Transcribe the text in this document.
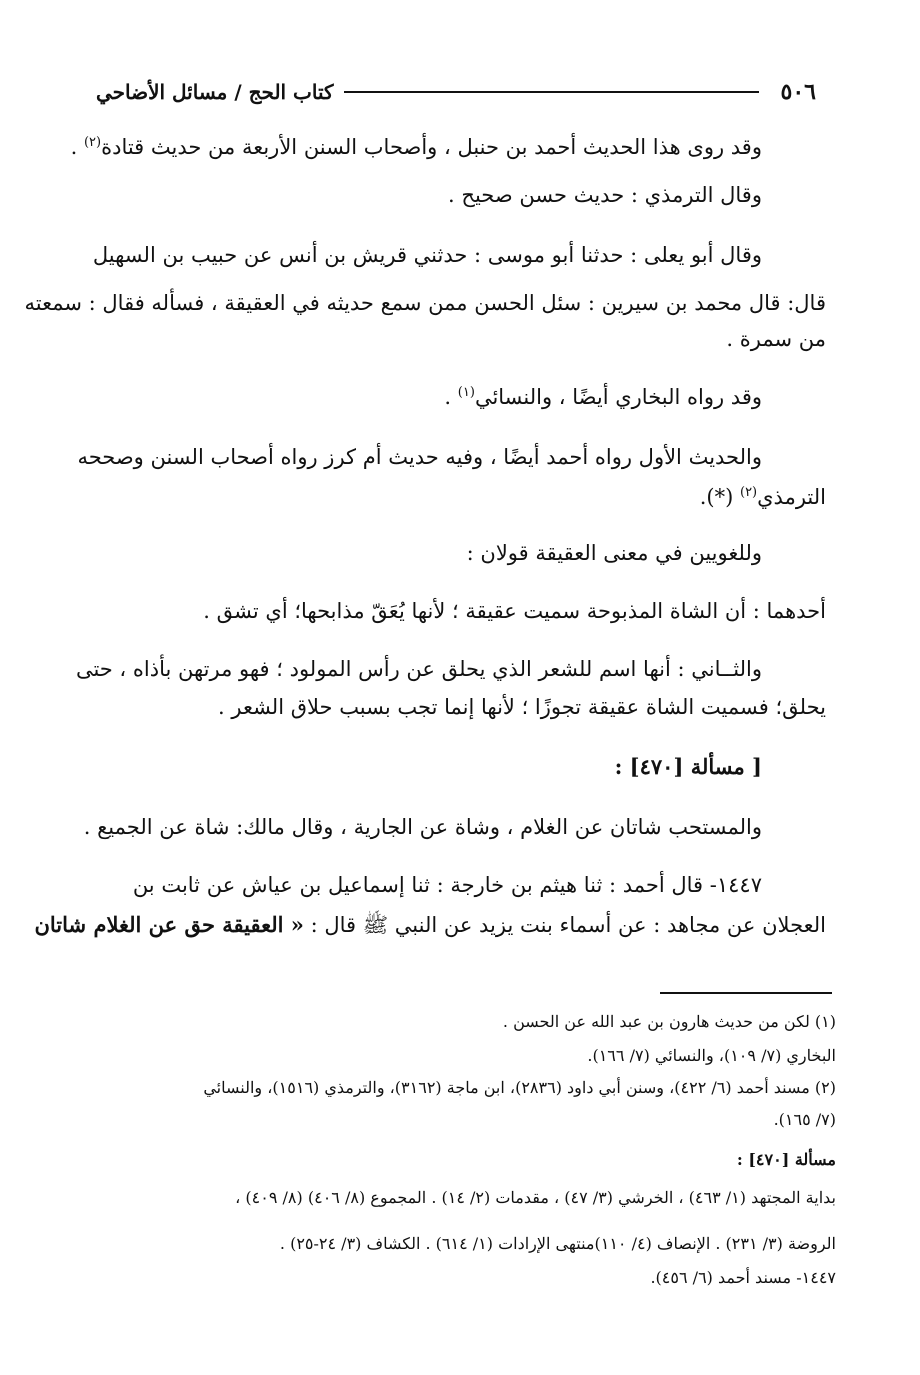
٥٠٦
كتاب الحج / مسائل الأضاحي
وقد روى هذا الحديث أحمد بن حنبل ، وأصحاب السنن الأربعة من حديث قتادة$^{(٢)}$ .
وقال الترمذي : حديث حسن صحيح .
وقال أبو يعلى : حدثنا أبو موسى : حدثني قريش بن أنس عن حبيب بن السهيل
قال: قال محمد بن سيرين : سئل الحسن ممن سمع حديثه في العقيقة ، فسأله فقال : سمعته
من سمرة .
وقد رواه البخاري أيضًا ، والنسائي$^{(١)}$ .
والحديث الأول رواه أحمد أيضًا ، وفيه حديث أم كرز رواه أصحاب السنن وصححه
الترمذي$^{(٢)}$ (*).
وللغويين في معنى العقيقة قولان :
أحدهما : أن الشاة المذبوحة سميت عقيقة ؛ لأنها يُعَقّ مذابحها؛ أي تشق .
والثــاني : أنها اسم للشعر الذي يحلق عن رأس المولود ؛ فهو مرتهن بأذاه ، حتى
يحلق؛ فسميت الشاة عقيقة تجوزًا ؛ لأنها إنما تجب بسبب حلاق الشعر .
[ مسألة [٤٧٠] :
والمستحب شاتان عن الغلام ، وشاة عن الجارية ، وقال مالك: شاة عن الجميع .
١٤٤٧- قال أحمد : ثنا هيثم بن خارجة : ثنا إسماعيل بن عياش عن ثابت بن
العجلان عن مجاهد : عن أسماء بنت يزيد عن النبي ﷺ قال : « العقيقة حق عن الغلام شاتان
(١) لكن من حديث هارون بن عبد الله عن الحسن .
البخاري (٧/ ١٠٩)، والنسائي (٧/ ١٦٦).
(٢) مسند أحمد (٦/ ٤٢٢)، وسنن أبي داود (٢٨٣٦)، ابن ماجة (٣١٦٢)، والترمذي (١٥١٦)، والنسائي
(٧/ ١٦٥).
مسألة [٤٧٠] :
بداية المجتهد (١/ ٤٦٣) ، الخرشي (٣/ ٤٧) ، مقدمات (٢/ ١٤) . المجموع (٨/ ٤٠٦) (٨/ ٤٠٩) ،
الروضة (٣/ ٢٣١) . الإنصاف (٤/ ١١٠)منتهى الإرادات (١/ ٦١٤) . الكشاف (٣/ ٢٤-٢٥) .
١٤٤٧- مسند أحمد (٦/ ٤٥٦).
